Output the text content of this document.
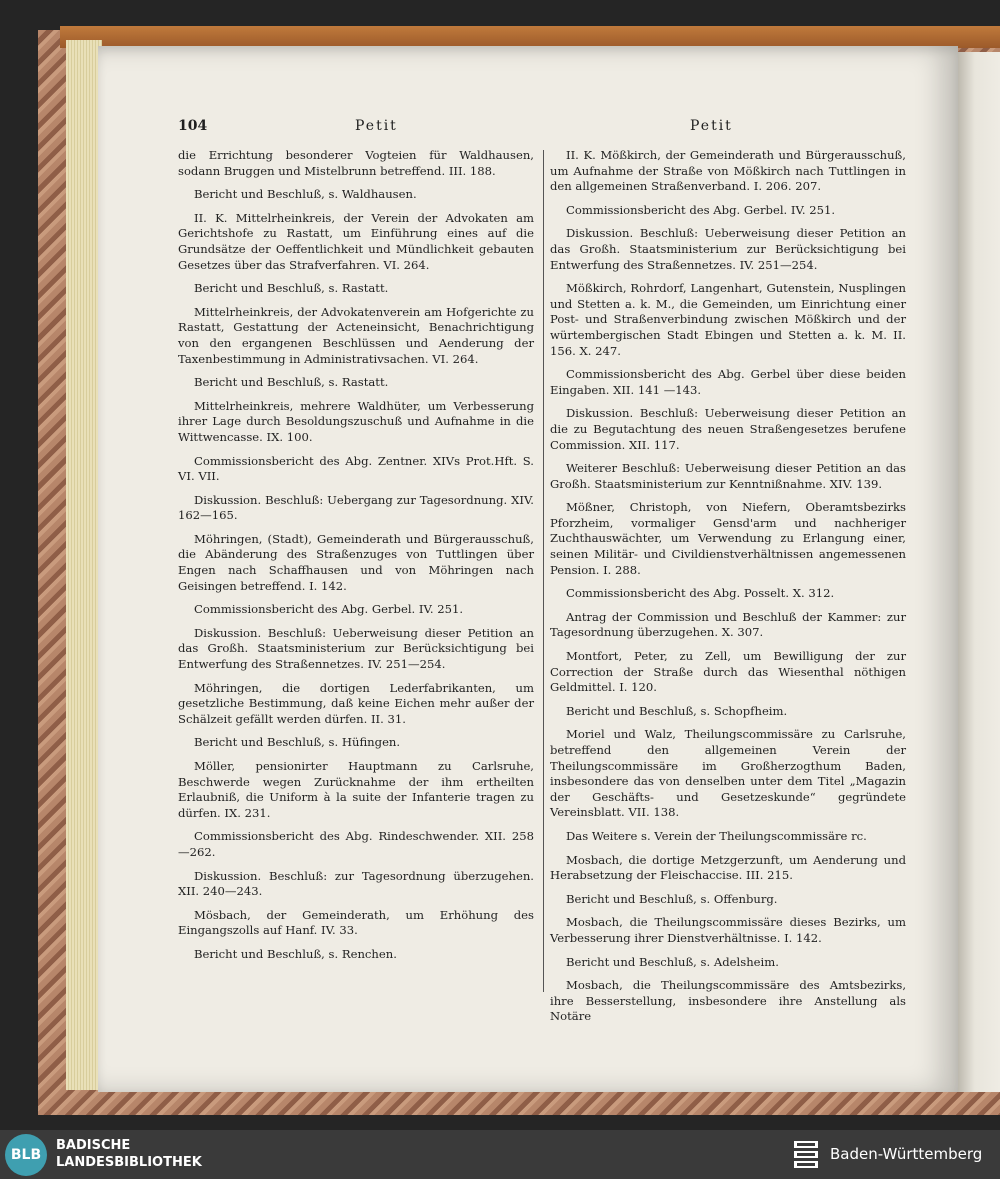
104	Petit	Petit

die Errichtung besonderer Vogteien für Waldhausen, sodann Bruggen und Mistelbrunn betreffend. III. 188.

Bericht und Beschluß, s. Waldhausen.

II. K. Mittelrheinkreis, der Verein der Advokaten am Gerichtshofe zu Rastatt, um Einführung eines auf die Grundsätze der Oeffentlichkeit und Mündlichkeit gebauten Gesetzes über das Strafverfahren. VI. 264.

Bericht und Beschluß, s. Rastatt.

Mittelrheinkreis, der Advokatenverein am Hofgerichte zu Rastatt, Gestattung der Acteneinsicht, Benachrichtigung von den ergangenen Beschlüssen und Aenderung der Taxenbestimmung in Administrativsachen. VI. 264.

Bericht und Beschluß, s. Rastatt.

Mittelrheinkreis, mehrere Waldhüter, um Verbesserung ihrer Lage durch Besoldungszuschuß und Aufnahme in die Wittwencasse. IX. 100.

Commissionsbericht des Abg. Zentner. XIVs Prot.Hft. S. VI. VII.

Diskussion. Beschluß: Uebergang zur Tagesordnung. XIV. 162—165.

Möhringen, (Stadt), Gemeinderath und Bürgerausschuß, die Abänderung des Straßenzuges von Tuttlingen über Engen nach Schaffhausen und von Möhringen nach Geisingen betreffend. I. 142.

Commissionsbericht des Abg. Gerbel. IV. 251.

Diskussion. Beschluß: Ueberweisung dieser Petition an das Großh. Staatsministerium zur Berücksichtigung bei Entwerfung des Straßennetzes. IV. 251—254.

Möhringen, die dortigen Lederfabrikanten, um gesetzliche Bestimmung, daß keine Eichen mehr außer der Schälzeit gefällt werden dürfen. II. 31.

Bericht und Beschluß, s. Hüfingen.

Möller, pensionirter Hauptmann zu Carlsruhe, Beschwerde wegen Zurücknahme der ihm ertheilten Erlaubniß, die Uniform à la suite der Infanterie tragen zu dürfen. IX. 231.

Commissionsbericht des Abg. Rindeschwender. XII. 258—262.

Diskussion. Beschluß: zur Tagesordnung überzugehen. XII. 240—243.

Mösbach, der Gemeinderath, um Erhöhung des Eingangszolls auf Hanf. IV. 33.

Bericht und Beschluß, s. Renchen.

II. K. Mößkirch, der Gemeinderath und Bürgerausschuß, um Aufnahme der Straße von Mößkirch nach Tuttlingen in den allgemeinen Straßenverband. I. 206. 207.

Commissionsbericht des Abg. Gerbel. IV. 251.

Diskussion. Beschluß: Ueberweisung dieser Petition an das Großh. Staatsministerium zur Berücksichtigung bei Entwerfung des Straßennetzes. IV. 251—254.

Mößkirch, Rohrdorf, Langenhart, Gutenstein, Nusplingen und Stetten a. k. M., die Gemeinden, um Einrichtung einer Post- und Straßenverbindung zwischen Mößkirch und der würtembergischen Stadt Ebingen und Stetten a. k. M. II. 156. X. 247.

Commissionsbericht des Abg. Gerbel über diese beiden Eingaben. XII. 141 —143.

Diskussion. Beschluß: Ueberweisung dieser Petition an die zu Begutachtung des neuen Straßengesetzes berufene Commission. XII. 117.

Weiterer Beschluß: Ueberweisung dieser Petition an das Großh. Staatsministerium zur Kenntnißnahme. XIV. 139.

Mößner, Christoph, von Niefern, Oberamtsbezirks Pforzheim, vormaliger Gensd'arm und nachheriger Zuchthauswächter, um Verwendung zu Erlangung einer, seinen Militär- und Civildienstverhältnissen angemessenen Pension. I. 288.

Commissionsbericht des Abg. Posselt. X. 312.

Antrag der Commission und Beschluß der Kammer: zur Tagesordnung überzugehen. X. 307.

Montfort, Peter, zu Zell, um Bewilligung der zur Correction der Straße durch das Wiesenthal nöthigen Geldmittel. I. 120.

Bericht und Beschluß, s. Schopfheim.

Moriel und Walz, Theilungscommissäre zu Carlsruhe, betreffend den allgemeinen Verein der Theilungscommissäre im Großherzogthum Baden, insbesondere das von denselben unter dem Titel „Magazin der Geschäfts- und Gesetzeskunde“ gegründete Vereinsblatt. VII. 138.

Das Weitere s. Verein der Theilungscommissäre rc.

Mosbach, die dortige Metzgerzunft, um Aenderung und Herabsetzung der Fleischaccise. III. 215.

Bericht und Beschluß, s. Offenburg.

Mosbach, die Theilungscommissäre dieses Bezirks, um Verbesserung ihrer Dienstverhältnisse. I. 142.

Bericht und Beschluß, s. Adelsheim.

Mosbach, die Theilungscommissäre des Amtsbezirks, ihre Besserstellung, insbesondere ihre Anstellung als Notäre

BLB
BADISCHE
LANDESBIBLIOTHEK	Baden-Württemberg
